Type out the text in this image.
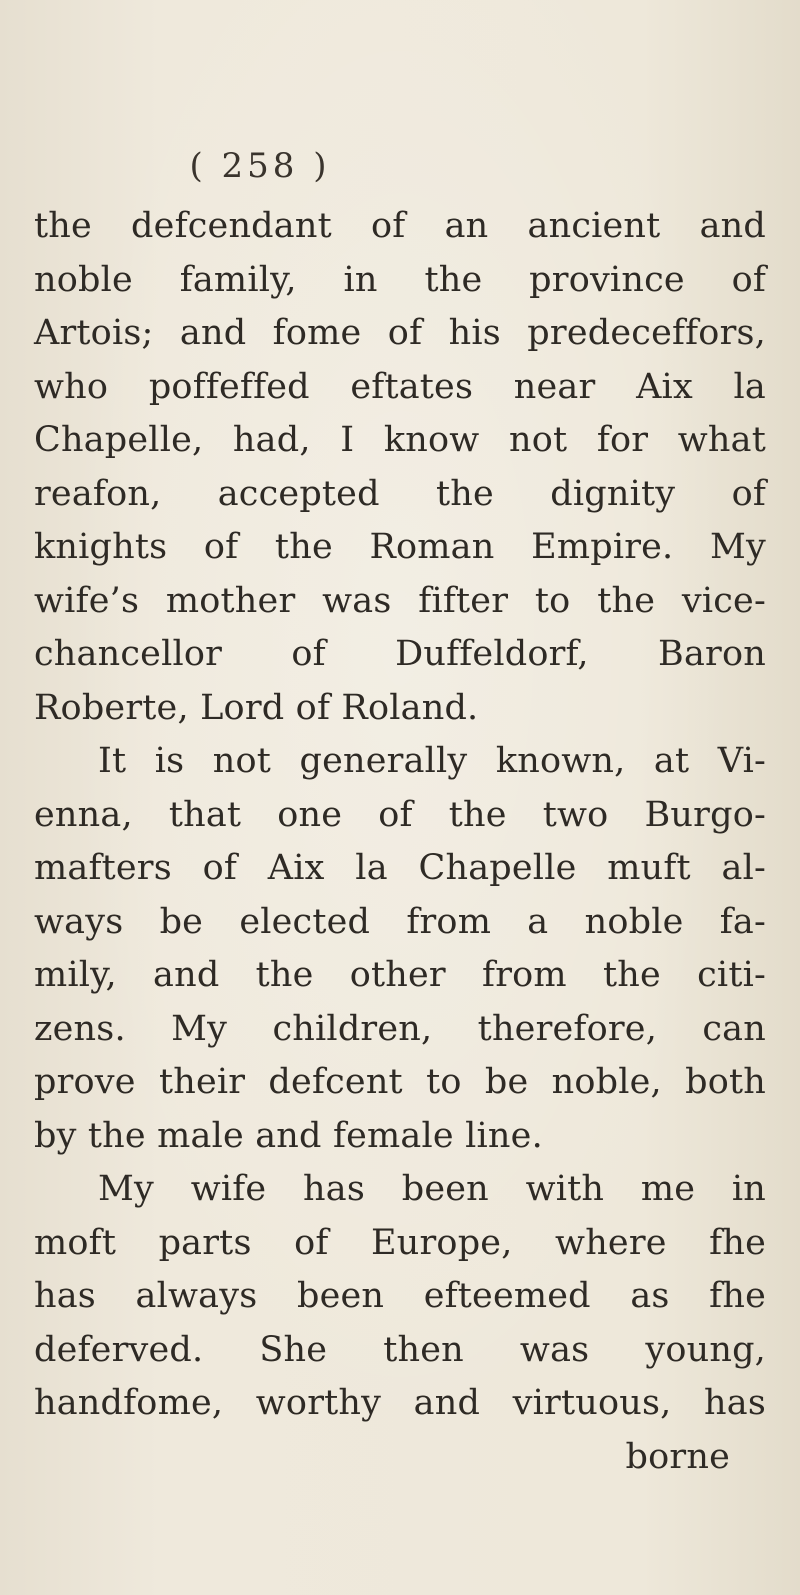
( 258 )
the defcendant of an ancient and
noble family, in the province of
Artois; and fome of his predeceffors,
who poffeffed eftates near Aix la
Chapelle, had, I know not for what
reafon, accepted the dignity of
knights of the Roman Empire. My
wife’s mother was fifter to the vice-
chancellor of Duffeldorf, Baron
Roberte, Lord of Roland.
It is not generally known, at Vi-
enna, that one of the two Burgo-
mafters of Aix la Chapelle muft al-
ways be elected from a noble fa-
mily, and the other from the citi-
zens. My children, therefore, can
prove their defcent to be noble, both
by the male and female line.
My wife has been with me in
moft parts of Europe, where fhe
has always been efteemed as fhe
deferved. She then was young,
handfome, worthy and virtuous, has
borne
